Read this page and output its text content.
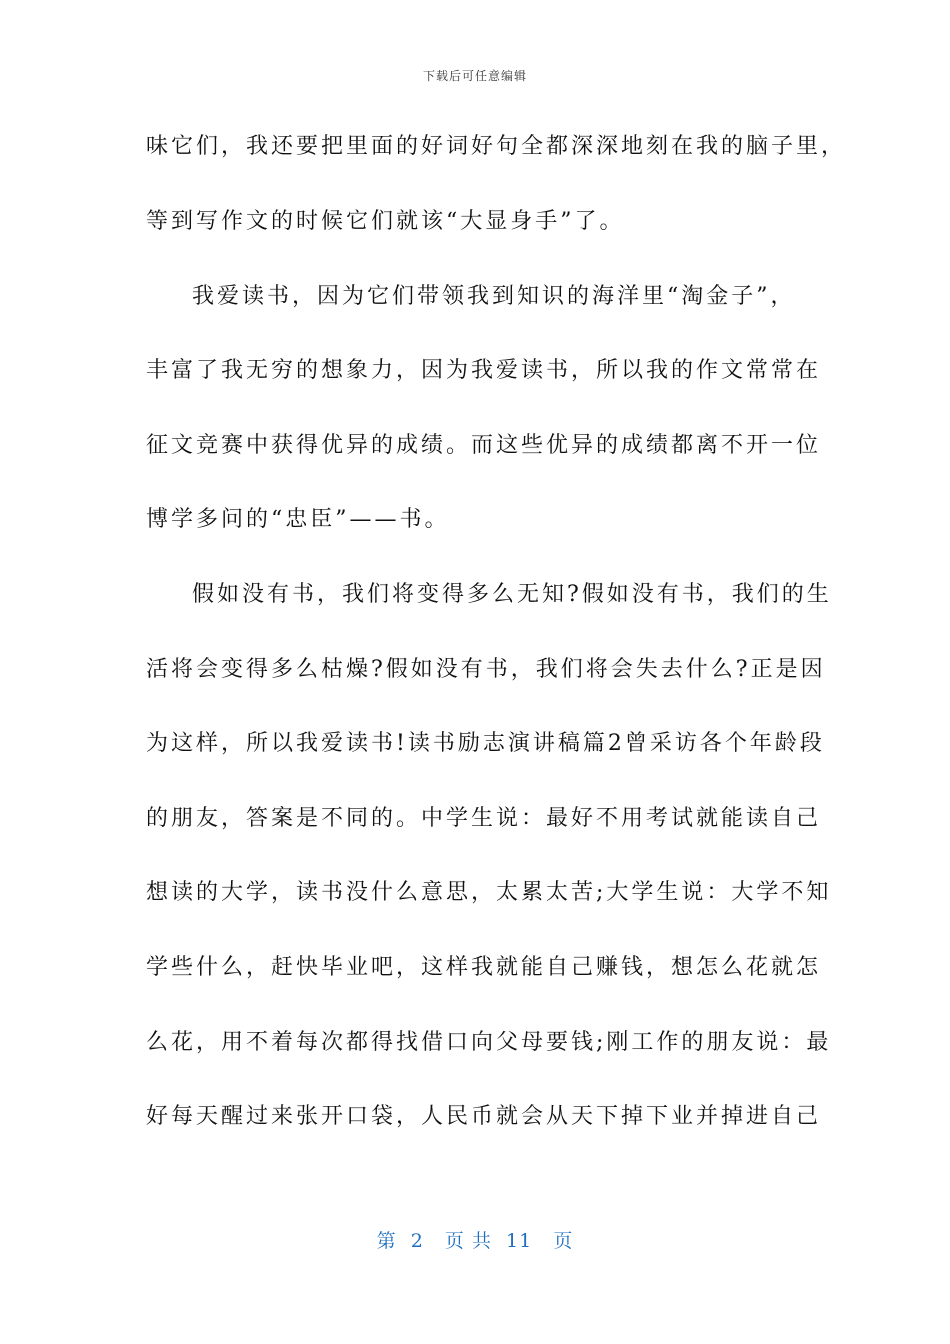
下载后可任意编辑
味它们，我还要把里面的好词好句全都深深地刻在我的脑子里，
等到写作文的时候它们就该“大显身手”了。
我爱读书，因为它们带领我到知识的海洋里“淘金子”，
丰富了我无穷的想象力，因为我爱读书，所以我的作文常常在
征文竞赛中获得优异的成绩。而这些优异的成绩都离不开一位
博学多问的“忠臣”——书。
假如没有书，我们将变得多么无知?假如没有书，我们的生
活将会变得多么枯燥?假如没有书，我们将会失去什么?正是因
为这样，所以我爱读书!读书励志演讲稿篇2曾采访各个年龄段
的朋友，答案是不同的。中学生说：最好不用考试就能读自己
想读的大学，读书没什么意思，太累太苦;大学生说：大学不知
学些什么，赶快毕业吧，这样我就能自己赚钱，想怎么花就怎
么花，用不着每次都得找借口向父母要钱;刚工作的朋友说：最
好每天醒过来张开口袋，人民币就会从天下掉下业并掉进自己
第  2   页 共  11   页
